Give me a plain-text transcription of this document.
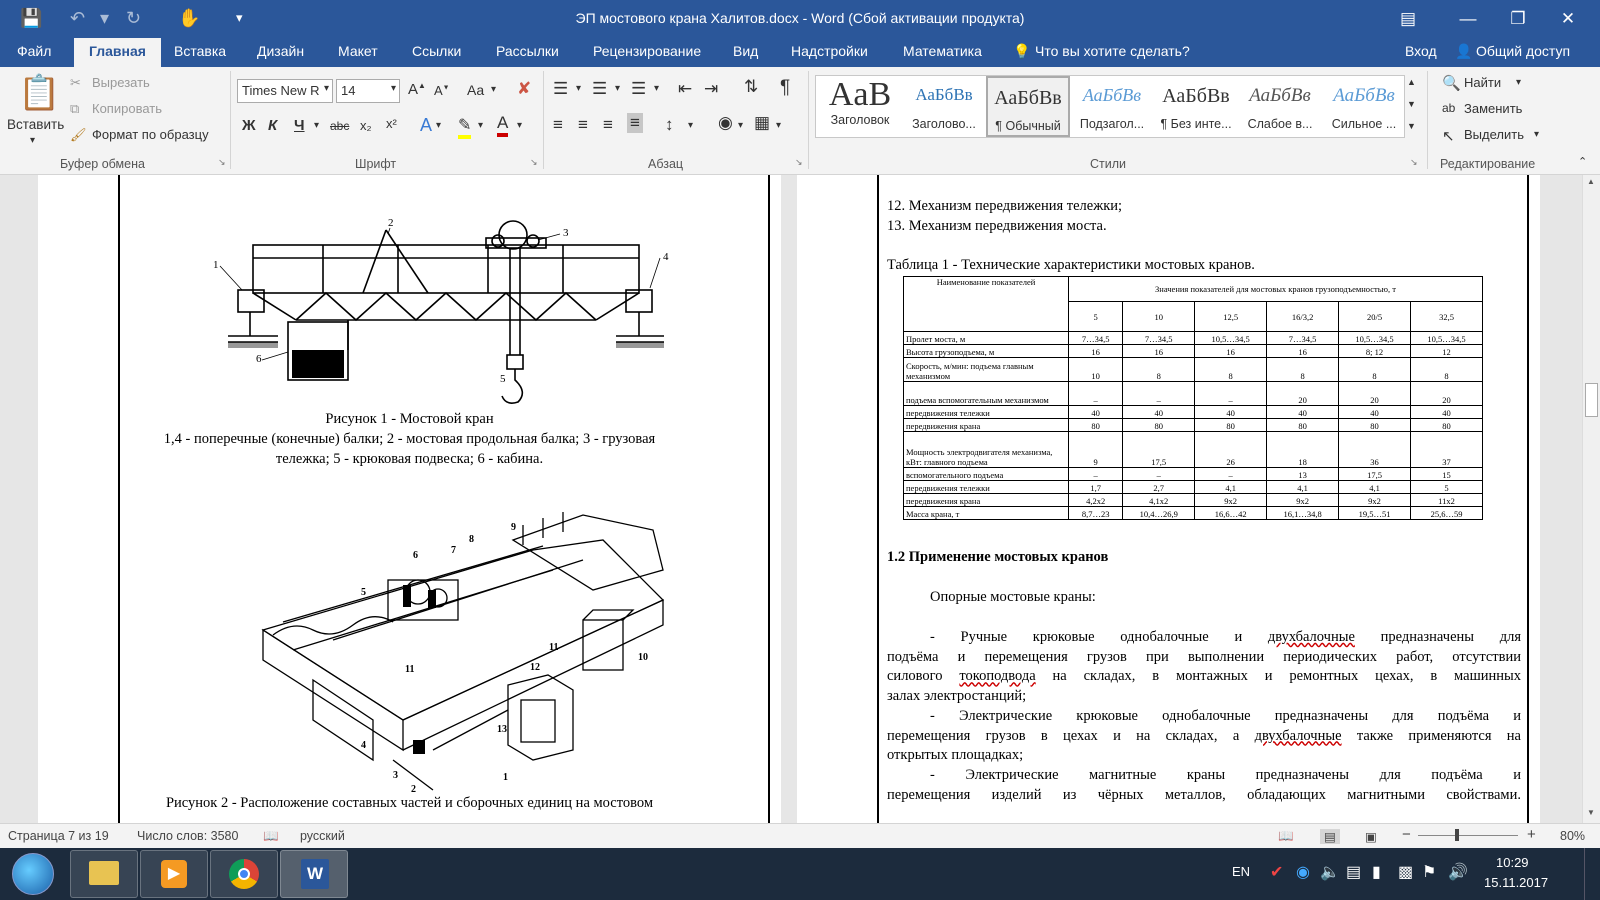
💾 ↶ ▾ ↻ ✋	▾	ЭП мостового крана Халитов.docx - Word (Сбой активации продукта)	▤	—	❐	✕
Файл	Главная	Вставка Дизайн Макет Ссылки Рассылки Рецензирование Вид Надстройки	Математика 💡 Что вы хотите сделать?	Вход 👤 Общий доступ
📋
Вставить
▾
✂ Вырезать
⧉ Копировать
🖌 Формат по образцу
Буфер обмена	↘
Times New R ▾ 14	▾ A▲ A▼ Aa ▾ ✘
Ж К Ч ▾ abc x₂ x² A ▾ ✎ ▾ A ▾
Шрифт	↘
☰ ▾ ☰ ▾ ☰ ▾ ⇤ ⇥ ⇅ ¶
≡ ≡ ≡ ≡ ↕ ▾ ◉ ▾ ▦ ▾
Абзац	↘
AaB
Заголовок
АаБбВв
Заголово...
АаБбВв
¶ Обычный
АаБбВв
Подзагол...
АаБбВв
¶ Без инте...
АаБбВв
Слабое в...
АаБбВв
Сильное ...
▲
▼
▼
Стили	↘
🔍 Найти ▾
ab Заменить
↖ Выделить ▾
Редактирование	⌃
1
2
3
4
5
6
Рисунок 1 - Мостовой кран
1,4 - поперечные (конечные) балки; 2 - мостовая продольная балка; 3 - грузовая
тележка; 5 - крюковая подвеска; 6 - кабина.
1
2
3
4
5
6	7
8
9
10
11
11
12
13
Рисунок 2 - Расположение составных частей и сборочных единиц на мостовом
12. Механизм передвижения тележки;
13. Механизм передвижения моста.
Таблица 1 - Технические характеристики мостовых кранов.
Наименование показателей	Значения показателей для мостовых кранов грузоподъемностью, т					
	5	10	12,5	16/3,2	20/5	32,5
Пролет моста, м	7…34,5	7…34,5	10,5…34,5	7…34,5	10,5…34,5	10,5…34,5
Высота грузоподъема, м	16	16	16	16	8; 12	12
Скорость, м/мин: подъема главным механизмом	10	8	8	8	8	8
подъема вспомогательным механизмом	–	–	–	20	20	20
передвижения тележки	40	40	40	40	40	40
передвижения крана	80	80	80	80	80	80
Мощность электродвигателя механизма, кВт: главного подъема	9	17,5	26	18	36	37
вспомогательного подъема	–	–	–	13	17,5	15
передвижения тележки	1,7	2,7	4,1	4,1	4,1	5
передвижения крана	4,2x2	4,1x2	9x2	9x2	9x2	11x2
Масса крана, т	8,7…23	10,4…26,9	16,6…42	16,1…34,8	19,5…51	25,6…59
1.2 Применение мостовых кранов
Опорные мостовые краны:
- Ручные крюковые однобалочные и двухбалочные предназначены для
подъёма и перемещения грузов при выполнении периодических работ, отсутствии
силового токоподвода на складах, в монтажных и ремонтных цехах, в машинных
залах электростанций;
- Электрические крюковые однобалочные предназначены для подъёма и
перемещения грузов в цехах и на складах, а двухбалочные также применяются на
открытых площадках;
- Электрические магнитные краны предназначены для подъёма и
перемещения изделий из чёрных металлов, обладающих магнитными свойствами.
▲
▼
Страница 7 из 19 Число слов: 3580 📖 русский	📖	▤	▣ −	+ 80%
▶	W	EN ✔ ◉ 🔈 ▤ ▮ ▩ ⚑ 🔊
10:29
15.11.2017
